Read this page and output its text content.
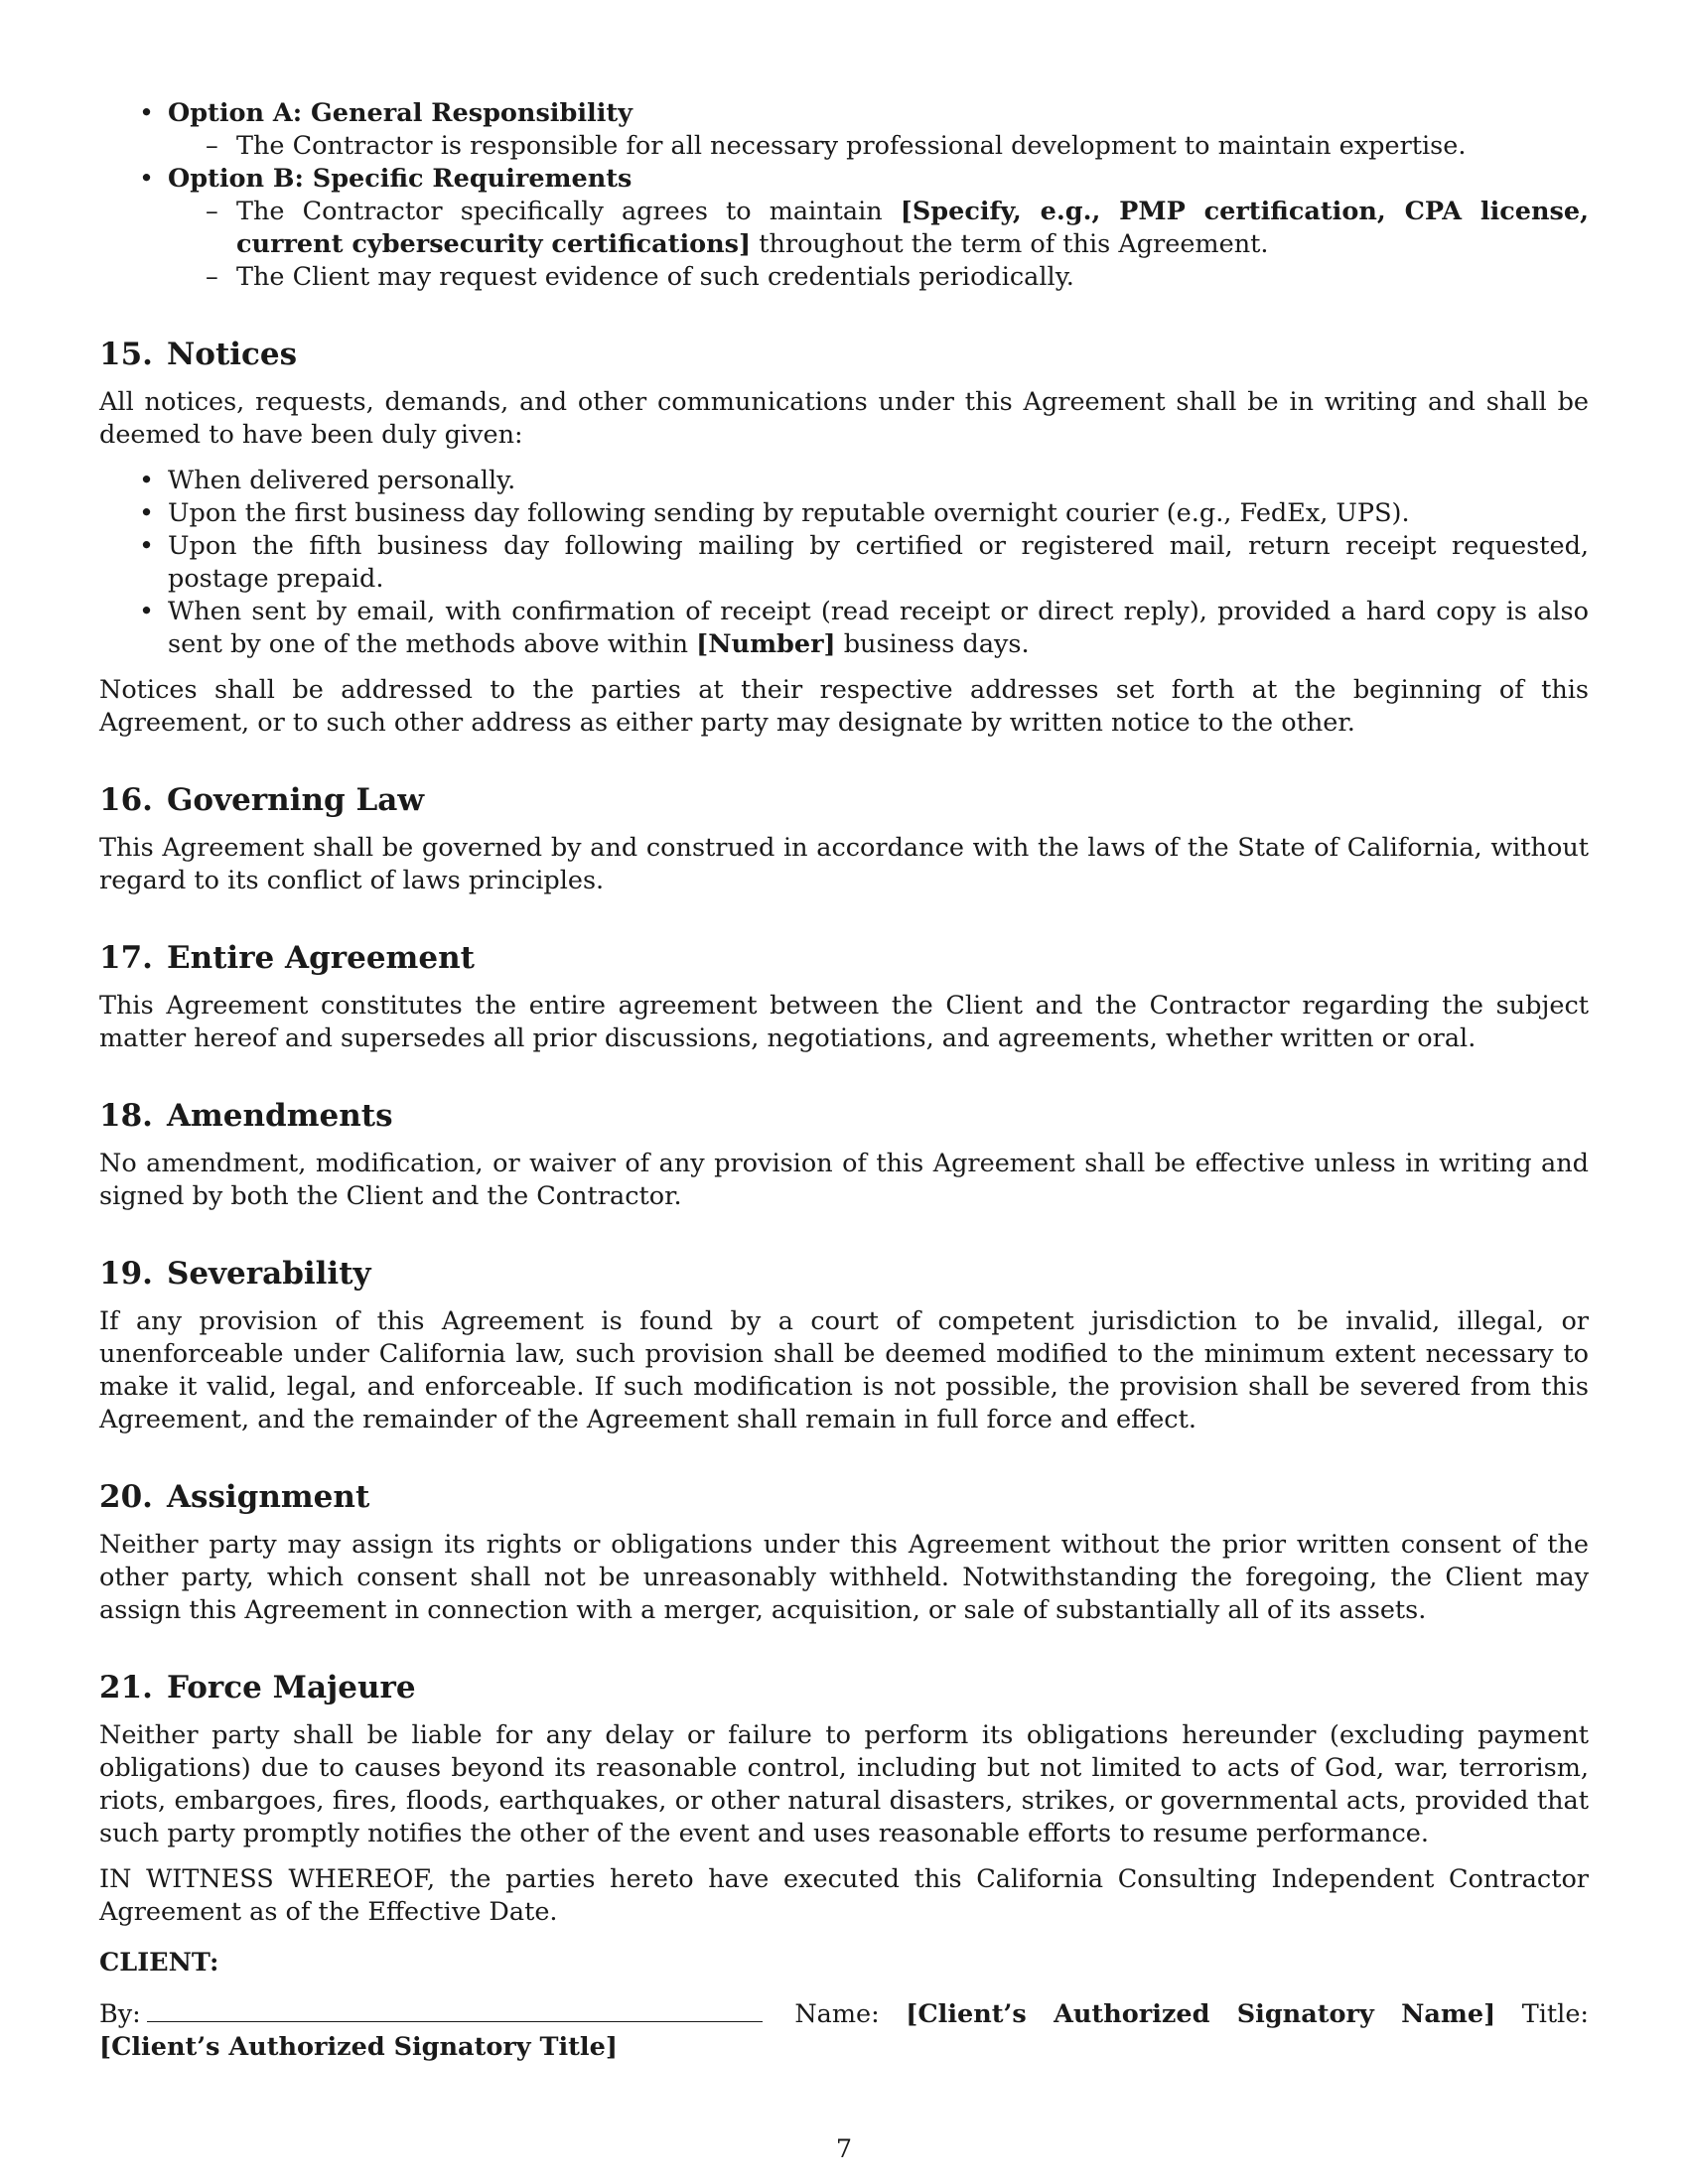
• Option A: General Responsibility
– The Contractor is responsible for all necessary professional development to maintain expertise.
• Option B: Specific Requirements
– The Contractor specifically agrees to maintain [Specify, e.g., PMP certification, CPA license, current cybersecurity certifications] throughout the term of this Agreement.
– The Client may request evidence of such credentials periodically.
15. Notices

All notices, requests, demands, and other communications under this Agreement shall be in writing and shall be deemed to have been duly given:

• When delivered personally.
• Upon the first business day following sending by reputable overnight courier (e.g., FedEx, UPS).
• Upon the fifth business day following mailing by certified or registered mail, return receipt requested, postage prepaid.
• When sent by email, with confirmation of receipt (read receipt or direct reply), provided a hard copy is also sent by one of the methods above within [Number] business days.

Notices shall be addressed to the parties at their respective addresses set forth at the beginning of this Agreement, or to such other address as either party may designate by written notice to the other.

16. Governing Law

This Agreement shall be governed by and construed in accordance with the laws of the State of California, without regard to its conflict of laws principles.

17. Entire Agreement

This Agreement constitutes the entire agreement between the Client and the Contractor regarding the subject matter hereof and supersedes all prior discussions, negotiations, and agreements, whether written or oral.

18. Amendments

No amendment, modification, or waiver of any provision of this Agreement shall be effective unless in writing and signed by both the Client and the Contractor.

19. Severability

If any provision of this Agreement is found by a court of competent jurisdiction to be invalid, illegal, or unenforceable under California law, such provision shall be deemed modified to the minimum extent necessary to make it valid, legal, and enforceable. If such modification is not possible, the provision shall be severed from this Agreement, and the remainder of the Agreement shall remain in full force and effect.

20. Assignment

Neither party may assign its rights or obligations under this Agreement without the prior written consent of the other party, which consent shall not be unreasonably withheld. Notwithstanding the foregoing, the Client may assign this Agreement in connection with a merger, acquisition, or sale of substantially all of its assets.

21. Force Majeure

Neither party shall be liable for any delay or failure to perform its obligations hereunder (excluding payment obligations) due to causes beyond its reasonable control, including but not limited to acts of God, war, terrorism, riots, embargoes, fires, floods, earthquakes, or other natural disasters, strikes, or governmental acts, provided that such party promptly notifies the other of the event and uses reasonable efforts to resume performance.

IN WITNESS WHEREOF, the parties hereto have executed this California Consulting Independent Contractor Agreement as of the Effective Date.

CLIENT:

By:	Name: [Client’s Authorized Signatory Name] Title: [Client’s Authorized Signatory Title]

7
